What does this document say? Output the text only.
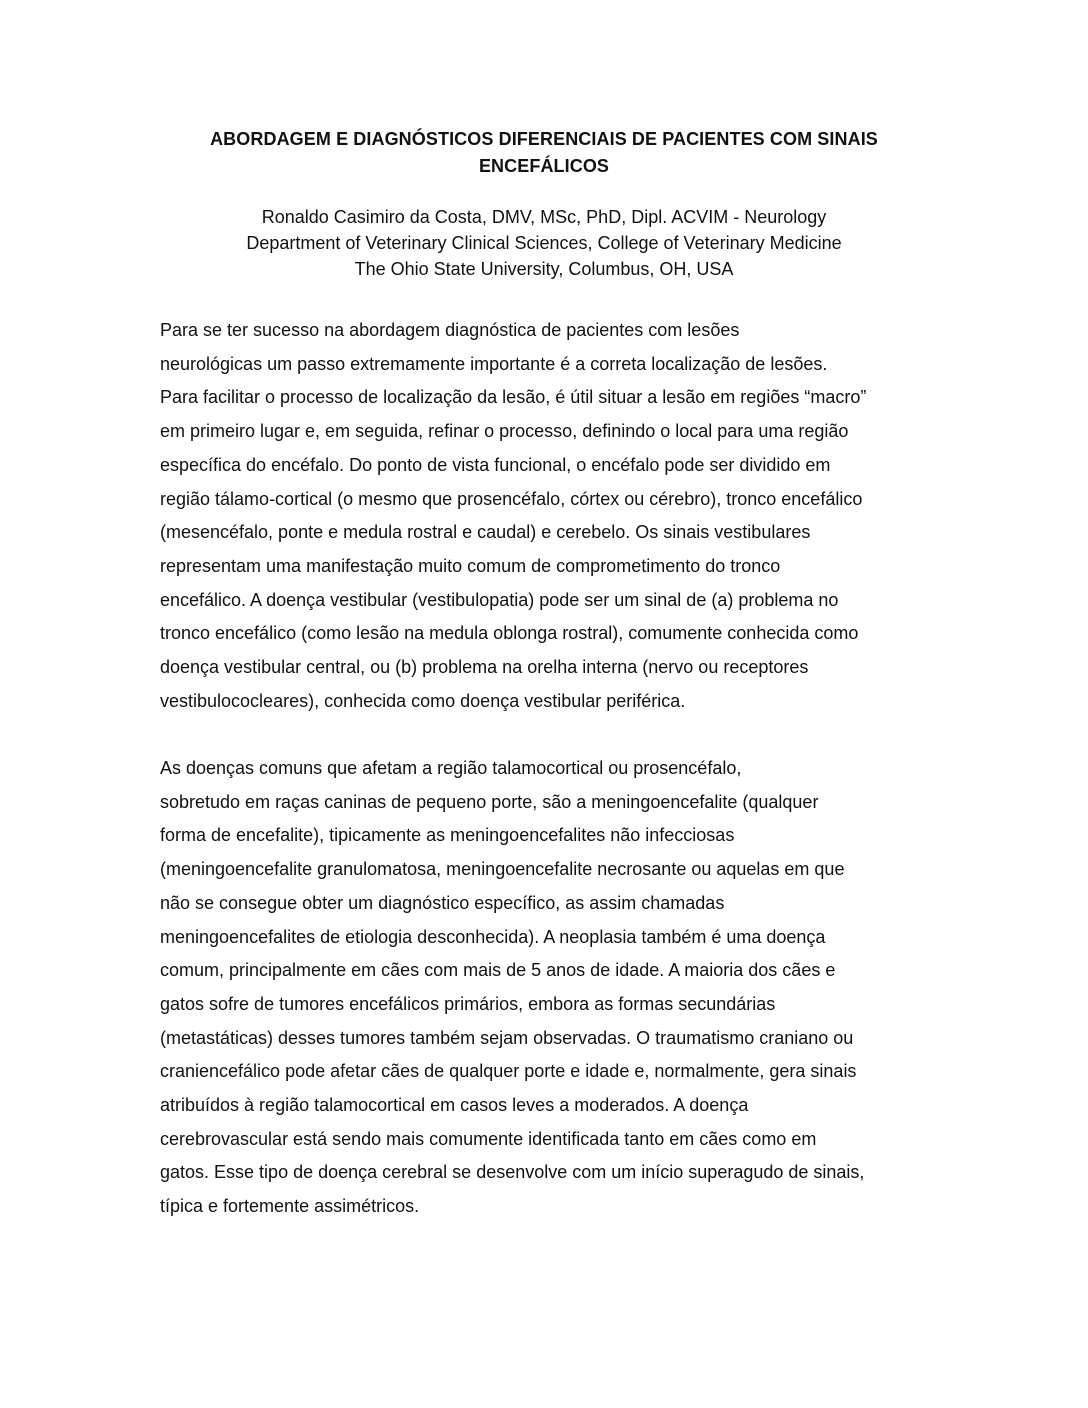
ABORDAGEM E DIAGNÓSTICOS DIFERENCIAIS DE PACIENTES COM SINAIS
ENCEFÁLICOS
Ronaldo Casimiro da Costa, DMV, MSc, PhD, Dipl. ACVIM - Neurology
Department of Veterinary Clinical Sciences, College of Veterinary Medicine
The Ohio State University, Columbus, OH, USA

Para se ter sucesso na abordagem diagnóstica de pacientes com lesões
neurológicas um passo extremamente importante é a correta localização de lesões.
Para facilitar o processo de localização da lesão, é útil situar a lesão em regiões “macro”
em primeiro lugar e, em seguida, refinar o processo, definindo o local para uma região
específica do encéfalo. Do ponto de vista funcional, o encéfalo pode ser dividido em
região tálamo-cortical (o mesmo que prosencéfalo, córtex ou cérebro), tronco encefálico
(mesencéfalo, ponte e medula rostral e caudal) e cerebelo. Os sinais vestibulares
representam uma manifestação muito comum de comprometimento do tronco
encefálico. A doença vestibular (vestibulopatia) pode ser um sinal de (a) problema no
tronco encefálico (como lesão na medula oblonga rostral), comumente conhecida como
doença vestibular central, ou (b) problema na orelha interna (nervo ou receptores
vestibulococleares), conhecida como doença vestibular periférica.

As doenças comuns que afetam a região talamocortical ou prosencéfalo,
sobretudo em raças caninas de pequeno porte, são a meningoencefalite (qualquer
forma de encefalite), tipicamente as meningoencefalites não infecciosas
(meningoencefalite granulomatosa, meningoencefalite necrosante ou aquelas em que
não se consegue obter um diagnóstico específico, as assim chamadas
meningoencefalites de etiologia desconhecida). A neoplasia também é uma doença
comum, principalmente em cães com mais de 5 anos de idade. A maioria dos cães e
gatos sofre de tumores encefálicos primários, embora as formas secundárias
(metastáticas) desses tumores também sejam observadas. O traumatismo craniano ou
craniencefálico pode afetar cães de qualquer porte e idade e, normalmente, gera sinais
atribuídos à região talamocortical em casos leves a moderados. A doença
cerebrovascular está sendo mais comumente identificada tanto em cães como em
gatos. Esse tipo de doença cerebral se desenvolve com um início superagudo de sinais,
típica e fortemente assimétricos.
